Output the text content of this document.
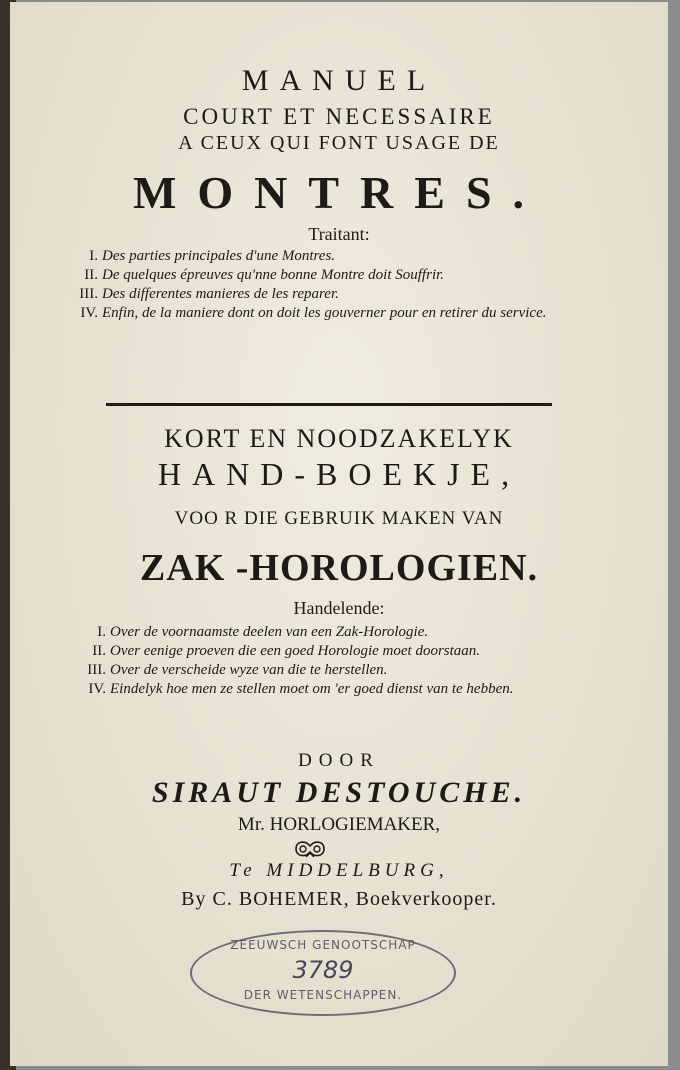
MANUEL
COURT ET NECESSAIRE
A CEUX QUI FONT USAGE DE
MONTRES.
Traitant:
I. Des parties principales d'une Montres.
II. De quelques épreuves qu'nne bonne Montre doit Souffrir.
III. Des differentes manieres de les reparer.
IV. Enfin, de la maniere dont on doit les gouverner pour en retirer du service.
KORT EN NOODZAKELYK
HAND-BOEKJE,
VOO R DIE GEBRUIK MAKEN VAN
ZAK -HOROLOGIEN.
Handelende:
I. Over de voornaamste deelen van een Zak-Horologie.
II. Over eenige proeven die een goed Horologie moet doorstaan.
III. Over de verscheide wyze van die te herstellen.
IV. Eindelyk hoe men ze stellen moet om 'er goed dienst van te hebben.
DOOR
SIRAUT DESTOUCHE.
Mr. HORLOGIEMAKER,
Te MIDDELBURG,
By C. BOHEMER, Boekverkooper.
ZEEUWSCH GENOOTSCHAP
3789
DER WETENSCHAPPEN.
